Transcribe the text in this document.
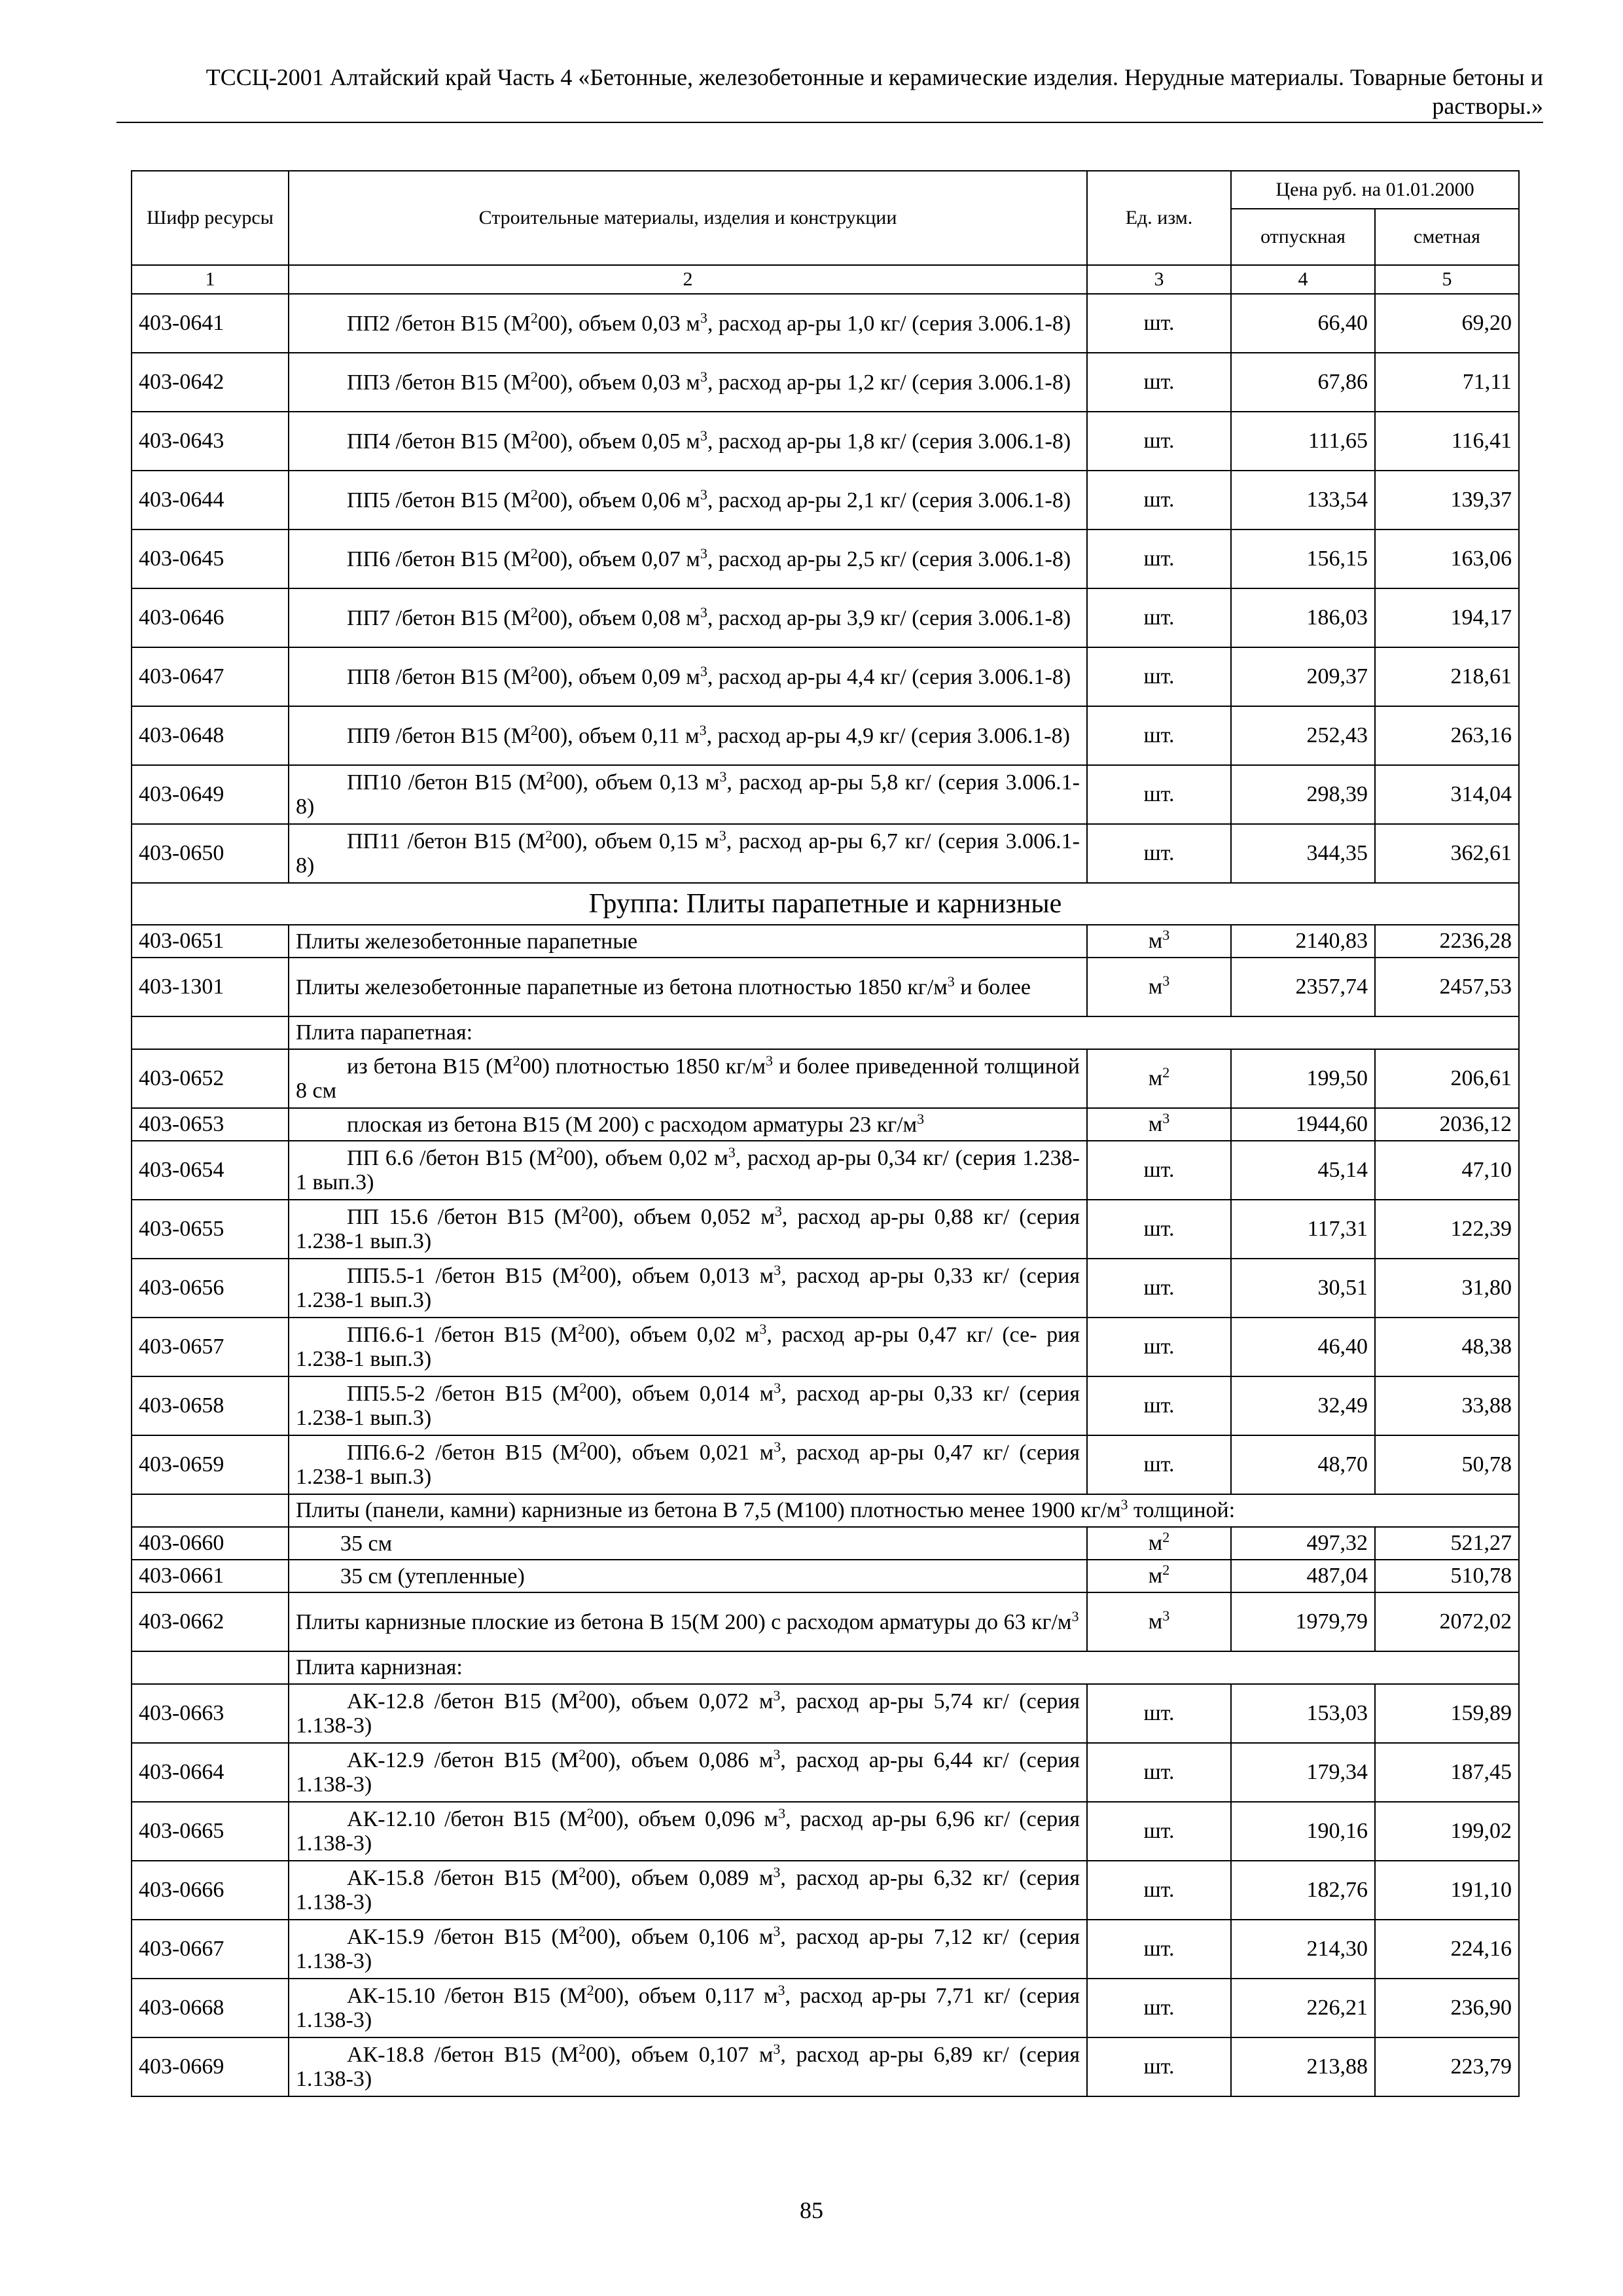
ТССЦ-2001 Алтайский край Часть 4 «Бетонные, железобетонные и керамические изделия. Нерудные материалы. Товарные бетоны и растворы.»
Шифр ресурсы	Строительные материалы, изделия и конструкции	Ед. изм.	Цена руб. на 01.01.2000	
			отпускная	сметная
1	2	3	4	5
403-0641	ПП2 /бетон В15 $(М^200)$, объем 0,03 $м^3$, расход ар-ры 1,0 кг/ (серия 3.006.1-8)	шт.	66,40	69,20
403-0642	ПП3 /бетон В15 $(М^200)$, объем 0,03 $м^3$, расход ар-ры 1,2 кг/ (серия 3.006.1-8)	шт.	67,86	71,11
403-0643	ПП4 /бетон В15 $(М^200)$, объем 0,05 $м^3$, расход ар-ры 1,8 кг/ (серия 3.006.1-8)	шт.	111,65	116,41
403-0644	ПП5 /бетон В15 $(М^200)$, объем 0,06 $м^3$, расход ар-ры 2,1 кг/ (серия 3.006.1-8)	шт.	133,54	139,37
403-0645	ПП6 /бетон В15 $(М^200)$, объем 0,07 $м^3$, расход ар-ры 2,5 кг/ (серия 3.006.1-8)	шт.	156,15	163,06
403-0646	ПП7 /бетон В15 $(М^200)$, объем 0,08 $м^3$, расход ар-ры 3,9 кг/ (серия 3.006.1-8)	шт.	186,03	194,17
403-0647	ПП8 /бетон В15 $(М^200)$, объем 0,09 $м^3$, расход ар-ры 4,4 кг/ (серия 3.006.1-8)	шт.	209,37	218,61
403-0648	ПП9 /бетон В15 $(М^200)$, объем 0,11 $м^3$, расход ар-ры 4,9 кг/ (серия 3.006.1-8)	шт.	252,43	263,16
403-0649	ПП10 /бетон В15 $(М^200)$, объем 0,13 $м^3$, расход ар-ры 5,8 кг/ (серия 3.006.1-8)	шт.	298,39	314,04
403-0650	ПП11 /бетон В15 $(М^200)$, объем 0,15 $м^3$, расход ар-ры 6,7 кг/ (серия 3.006.1-8)	шт.	344,35	362,61
Группа: Плиты парапетные и карнизные				
403-0651	Плиты железобетонные парапетные	$м^3$	2140,83	2236,28
403-1301	Плиты железобетонные парапетные из бетона плотностью 1850 $кг/м^3$ и более	$м^3$	2357,74	2457,53
	Плита парапетная:			
403-0652	из бетона В15 $(М^200)$ плотностью 1850 $кг/м^3$ и более приведенной толщиной 8 см	$м^2$	199,50	206,61
403-0653	плоская из бетона В15 (М 200) с расходом арматуры 23 $кг/м^3$	$м^3$	1944,60	2036,12
403-0654	ПП 6.6 /бетон В15 $(М^200)$, объем 0,02 $м^3$, расход ар-ры 0,34 кг/ (серия 1.238-1 вып.3)	шт.	45,14	47,10
403-0655	ПП 15.6 /бетон В15 $(М^200)$, объем 0,052 $м^3$, расход ар-ры 0,88 кг/ (серия 1.238-1 вып.3)	шт.	117,31	122,39
403-0656	ПП5.5-1 /бетон В15 $(М^200)$, объем 0,013 $м^3$, расход ар-ры 0,33 кг/ (серия 1.238-1 вып.3)	шт.	30,51	31,80
403-0657	ПП6.6-1 /бетон В15 $(М^200)$, объем 0,02 $м^3$, расход ар-ры 0,47 кг/ (се- рия 1.238-1 вып.3)	шт.	46,40	48,38
403-0658	ПП5.5-2 /бетон В15 $(М^200)$, объем 0,014 $м^3$, расход ар-ры 0,33 кг/ (серия 1.238-1 вып.3)	шт.	32,49	33,88
403-0659	ПП6.6-2 /бетон В15 $(М^200)$, объем 0,021 $м^3$, расход ар-ры 0,47 кг/ (серия 1.238-1 вып.3)	шт.	48,70	50,78
	Плиты (панели, камни) карнизные из бетона В 7,5 (М100) плотностью менее 1900 $кг/м^3$ толщиной:			
403-0660	35 см	$м^2$	497,32	521,27
403-0661	35 см (утепленные)	$м^2$	487,04	510,78
403-0662	Плиты карнизные плоские из бетона В 15(М 200) с расходом арматуры до 63 $кг/м^3$	$м^3$	1979,79	2072,02
	Плита карнизная:			
403-0663	АК-12.8 /бетон В15 $(М^200)$, объем 0,072 $м^3$, расход ар-ры 5,74 кг/ (серия 1.138-3)	шт.	153,03	159,89
403-0664	АК-12.9 /бетон В15 $(М^200)$, объем 0,086 $м^3$, расход ар-ры 6,44 кг/ (серия 1.138-3)	шт.	179,34	187,45
403-0665	АК-12.10 /бетон В15 $(М^200)$, объем 0,096 $м^3$, расход ар-ры 6,96 кг/ (серия 1.138-3)	шт.	190,16	199,02
403-0666	АК-15.8 /бетон В15 $(М^200)$, объем 0,089 $м^3$, расход ар-ры 6,32 кг/ (серия 1.138-3)	шт.	182,76	191,10
403-0667	АК-15.9 /бетон В15 $(М^200)$, объем 0,106 $м^3$, расход ар-ры 7,12 кг/ (серия 1.138-3)	шт.	214,30	224,16
403-0668	АК-15.10 /бетон В15 $(М^200)$, объем 0,117 $м^3$, расход ар-ры 7,71 кг/ (серия 1.138-3)	шт.	226,21	236,90
403-0669	АК-18.8 /бетон В15 $(М^200)$, объем 0,107 $м^3$, расход ар-ры 6,89 кг/ (серия 1.138-3)	шт.	213,88	223,79
85
